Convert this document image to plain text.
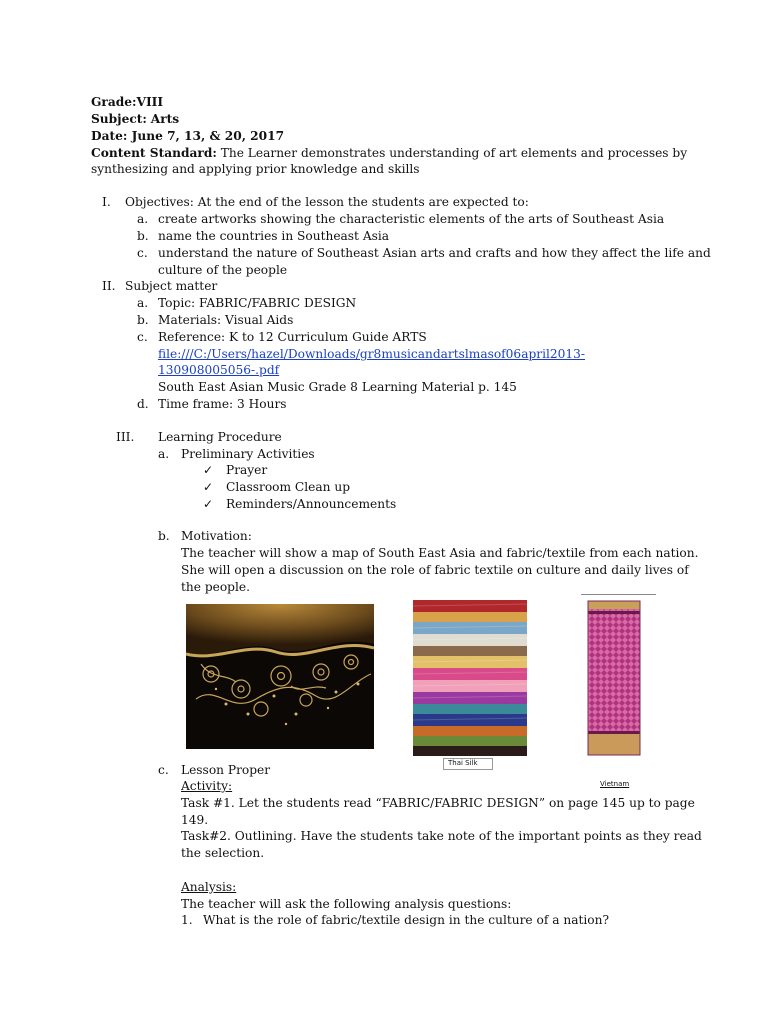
Grade:VIII
Subject: Arts
Date: June 7, 13, & 20, 2017
Content Standard: The Learner demonstrates understanding of art elements and processes by
synthesizing and applying prior knowledge and skills
I. Objectives: At the end of the lesson the students are expected to:
a. create artworks showing the characteristic elements of the arts of Southeast Asia
b. name the countries in Southeast Asia
c. understand the nature of Southeast Asian arts and crafts and how they affect the life and
culture of the people
II. Subject matter
a. Topic: FABRIC/FABRIC DESIGN
b. Materials: Visual Aids
c. Reference: K to 12 Curriculum Guide ARTS
file:///C:/Users/hazel/Downloads/gr8musicandartslmasof06april2013-
130908005056-.pdf
South East Asian Music Grade 8 Learning Material p. 145
d. Time frame: 3 Hours
III. Learning Procedure
a. Preliminary Activities
✓ Prayer
✓ Classroom Clean up
✓ Reminders/Announcements
b. Motivation:
The teacher will show a map of South East Asia and fabric/textile from each nation.
She will open a discussion on the role of fabric textile on culture and daily lives of
the people.
Thai Silk
Vietnam
c. Lesson Proper
Activity:
Task #1. Let the students read “FABRIC/FABRIC DESIGN” on page 145 up to page
149.
Task#2. Outlining. Have the students take note of the important points as they read
the selection.
Analysis:
The teacher will ask the following analysis questions:
1. What is the role of fabric/textile design in the culture of a nation?
